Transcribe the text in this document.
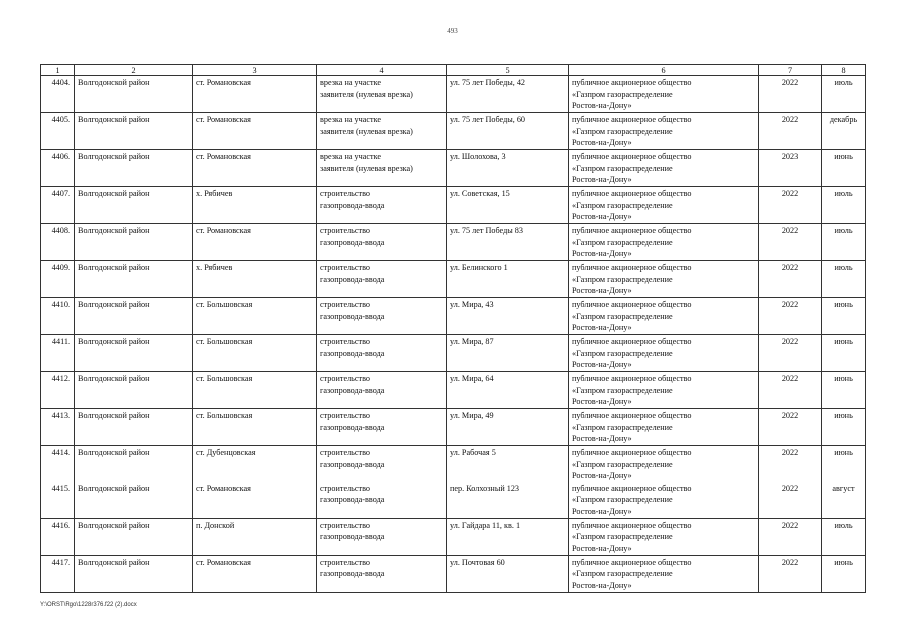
493
1	2	3	4	5	6	7	8

4404.	Волгодонской район	ст. Романовская	врезка на участке
заявителя (нулевая врезка)	ул. 75 лет Победы, 42	публичное акционерное общество
«Газпром газораспределение
Ростов-на-Дону»	2022	июль

4405.	Волгодонской район	ст. Романовская	врезка на участке
заявителя (нулевая врезка)	ул. 75 лет Победы, 60	публичное акционерное общество
«Газпром газораспределение
Ростов-на-Дону»	2022	декабрь

4406.	Волгодонской район	ст. Романовская	врезка на участке
заявителя (нулевая врезка)	ул. Шолохова, 3	публичное акционерное общество
«Газпром газораспределение
Ростов-на-Дону»	2023	июнь

4407.	Волгодонской район	х. Рябичев	строительство
газопровода-ввода	ул. Советская, 15	публичное акционерное общество
«Газпром газораспределение
Ростов-на-Дону»	2022	июль

4408.	Волгодонской район	ст. Романовская	строительство
газопровода-ввода	ул. 75 лет Победы 83	публичное акционерное общество
«Газпром газораспределение
Ростов-на-Дону»	2022	июль

4409.	Волгодонской район	х. Рябичев	строительство
газопровода-ввода	ул. Белинского 1	публичное акционерное общество
«Газпром газораспределение
Ростов-на-Дону»	2022	июль

4410.	Волгодонской район	ст. Большовская	строительство
газопровода-ввода	ул. Мира, 43	публичное акционерное общество
«Газпром газораспределение
Ростов-на-Дону»	2022	июнь

4411.	Волгодонской район	ст. Большовская	строительство
газопровода-ввода	ул. Мира, 87	публичное акционерное общество
«Газпром газораспределение
Ростов-на-Дону»	2022	июнь

4412.	Волгодонской район	ст. Большовская	строительство
газопровода-ввода	ул. Мира, 64	публичное акционерное общество
«Газпром газораспределение
Ростов-на-Дону»	2022	июнь

4413.	Волгодонской район	ст. Большовская	строительство
газопровода-ввода	ул. Мира, 49	публичное акционерное общество
«Газпром газораспределение
Ростов-на-Дону»	2022	июнь

4414.	Волгодонской район	ст. Дубенцовская	строительство
газопровода-ввода	ул. Рабочая 5	публичное акционерное общество
«Газпром газораспределение
Ростов-на-Дону»	2022	июнь

4415.	Волгодонской район	ст. Романовская	строительство
газопровода-ввода	пер. Колхозный 123	публичное акционерное общество
«Газпром газораспределение
Ростов-на-Дону»	2022	август

4416.	Волгодонской район	п. Донской	строительство
газопровода-ввода	ул. Гайдара 11, кв. 1	публичное акционерное общество
«Газпром газораспределение
Ростов-на-Дону»	2022	июль

4417.	Волгодонской район	ст. Романовская	строительство
газопровода-ввода	ул. Почтовая 60	публичное акционерное общество
«Газпром газораспределение
Ростов-на-Дону»	2022	июнь
Y:\ORST\Rgo\1228r376.f22 (2).docx
